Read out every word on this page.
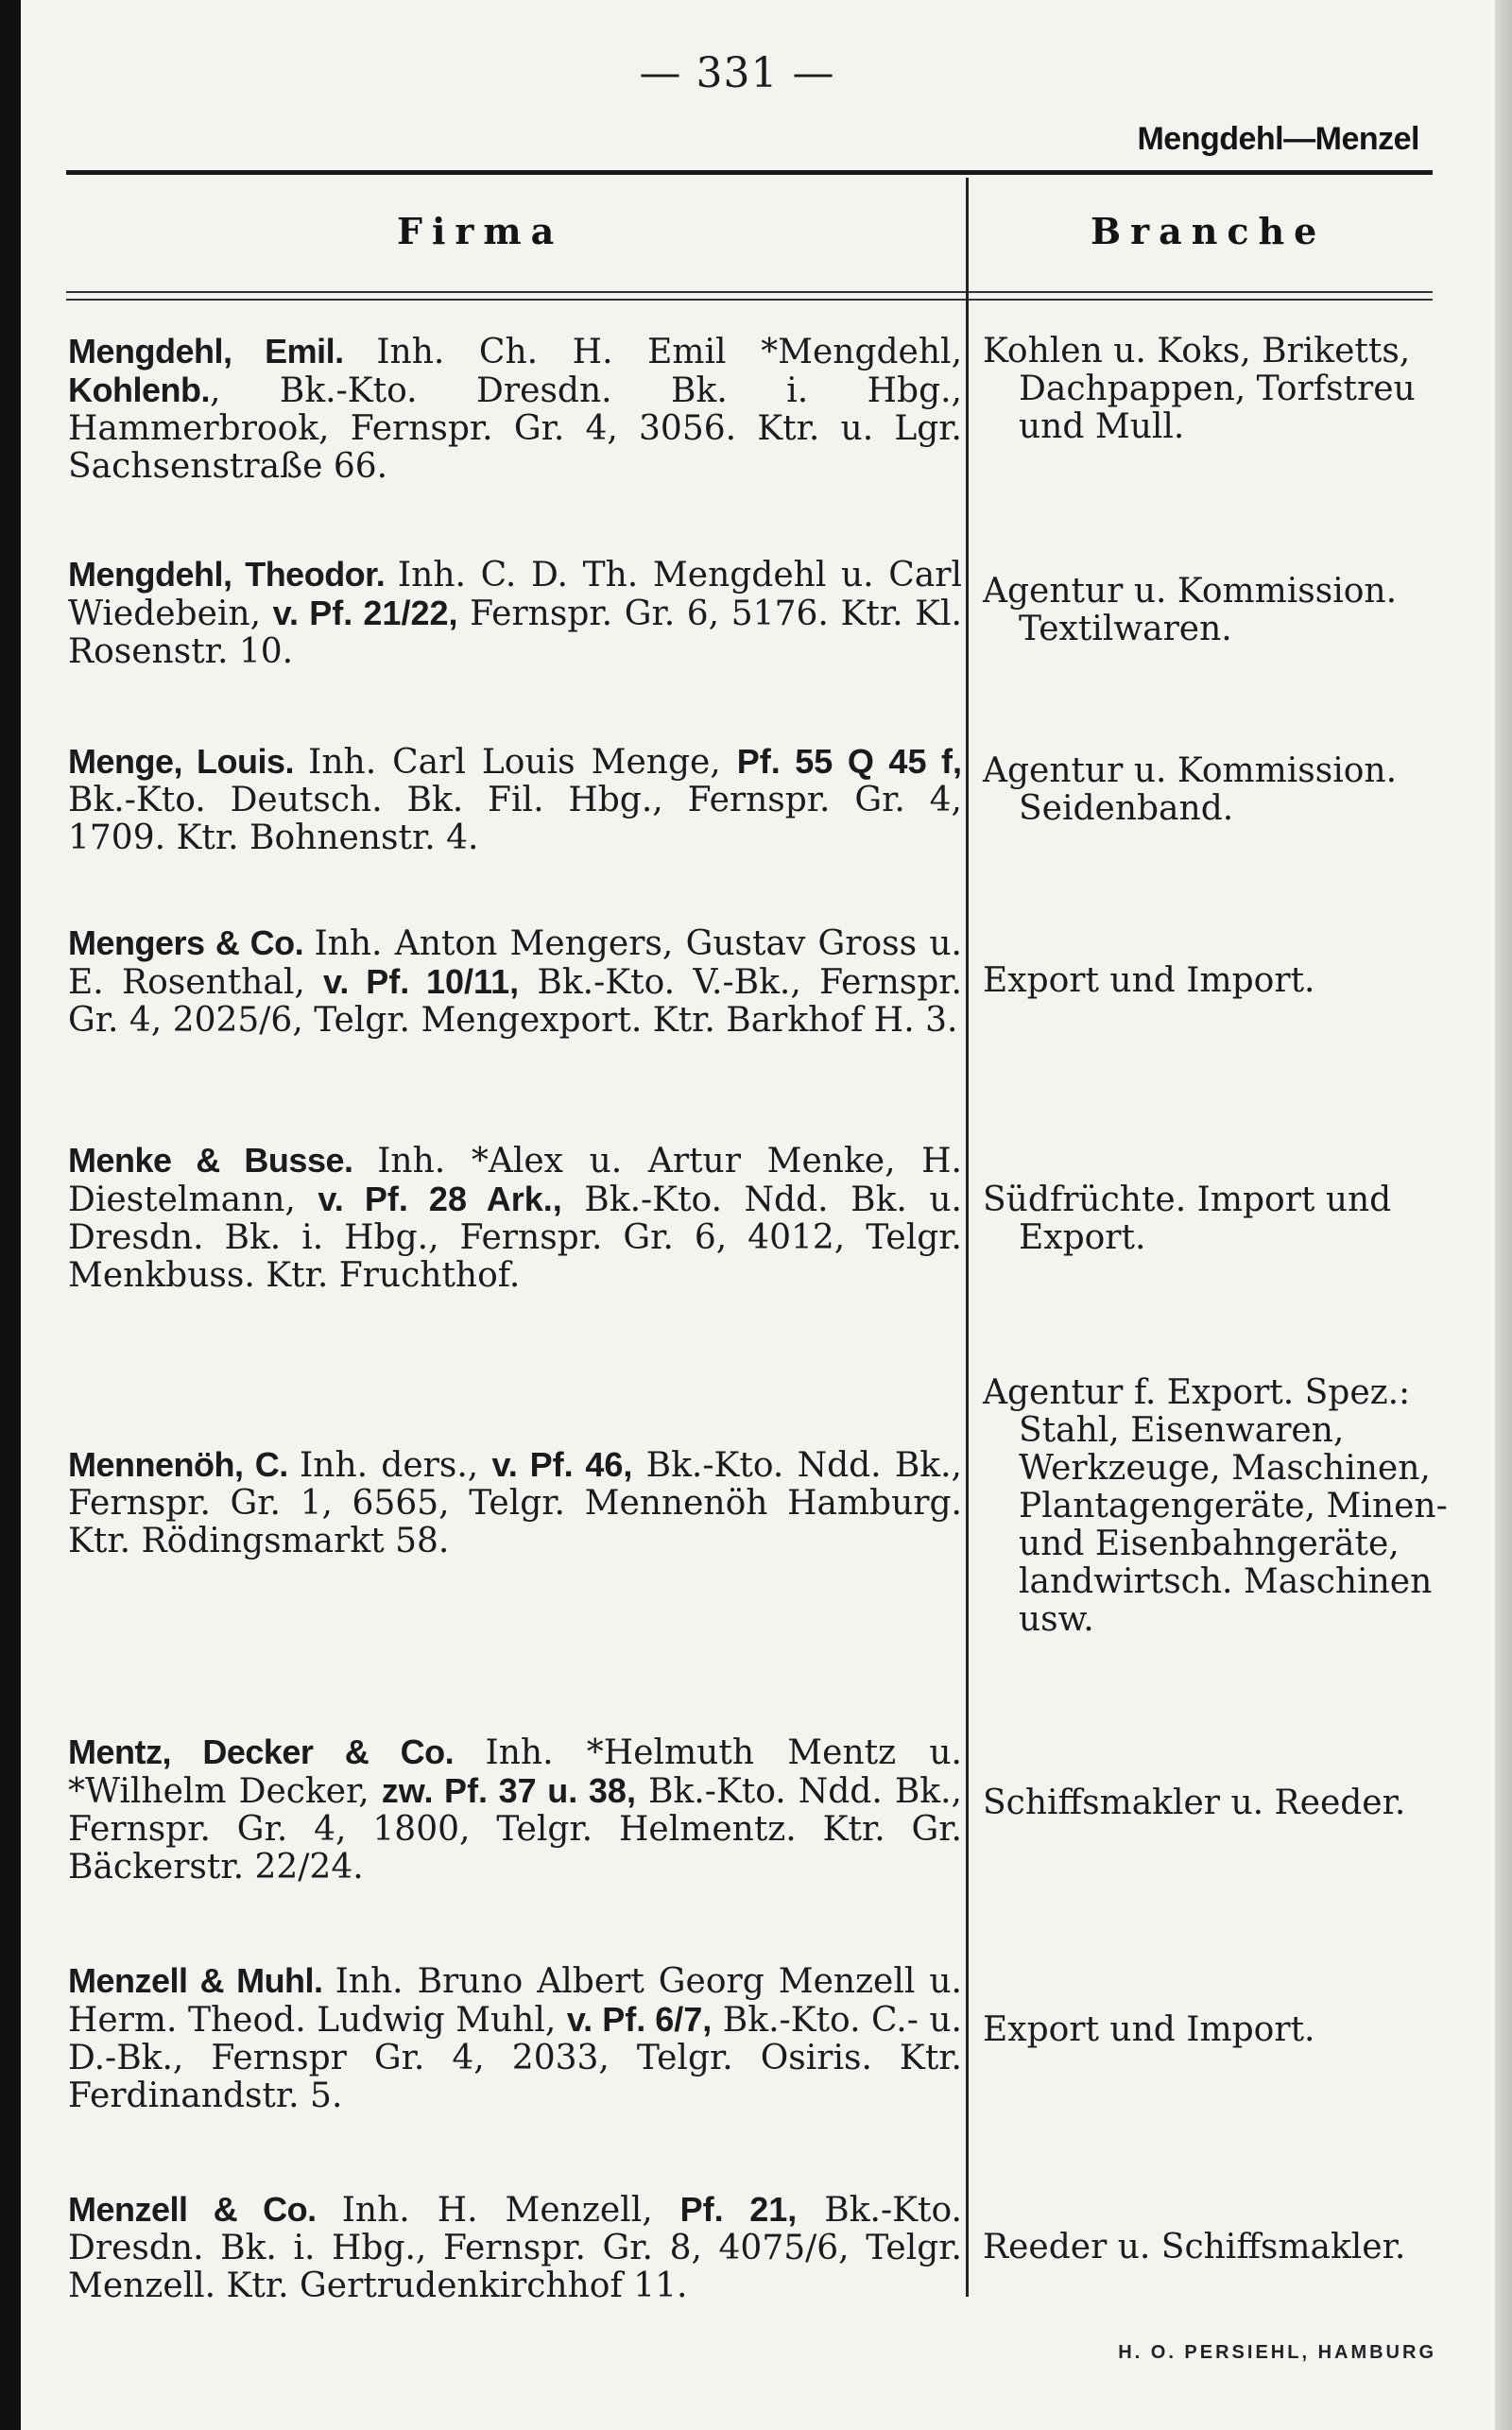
— 331 —
Mengdehl—Menzel
Firma	Branche
Mengdehl, Emil. Inh. Ch. H. Emil *Mengdehl, Kohlenb., Bk.-Kto. Dresdn. Bk. i. Hbg., Hammerbrook, Fernspr. Gr. 4, 3056. Ktr. u. Lgr. Sachsenstraße 66.
Kohlen u. Koks, Briketts,
Dachpappen, Torfstreu und Mull.
Mengdehl, Theodor. Inh. C. D. Th. Mengdehl u. Carl Wiedebein, v. Pf. 21/22, Fernspr. Gr. 6, 5176. Ktr. Kl. Rosenstr. 10.
Agentur u. Kommission.
Textilwaren.
Menge, Louis. Inh. Carl Louis Menge, Pf. 55 Q 45 f, Bk.-Kto. Deutsch. Bk. Fil. Hbg., Fernspr. Gr. 4, 1709. Ktr. Bohnenstr. 4.
Agentur u. Kommission.
Seidenband.
Mengers & Co. Inh. Anton Mengers, Gustav Gross u. E. Rosenthal, v. Pf. 10/11, Bk.-Kto. V.-Bk., Fernspr. Gr. 4, 2025/6, Telgr. Mengexport. Ktr. Barkhof H. 3.
Export und Import.
Menke & Busse. Inh. *Alex u. Artur Menke, H. Diestelmann, v. Pf. 28 Ark., Bk.-Kto. Ndd. Bk. u. Dresdn. Bk. i. Hbg., Fernspr. Gr. 6, 4012, Telgr. Menkbuss. Ktr. Fruchthof.
Südfrüchte. Import und
Export.
Mennenöh, C. Inh. ders., v. Pf. 46, Bk.-Kto. Ndd. Bk., Fernspr. Gr. 1, 6565, Telgr. Mennenöh Hamburg. Ktr. Rödingsmarkt 58.
Agentur f. Export. Spez.:
Stahl, Eisenwaren, Werkzeuge, Maschinen, Plantagengeräte, Minen- und Eisenbahngeräte, landwirtsch. Maschinen usw.
Mentz, Decker & Co. Inh. *Helmuth Mentz u. *Wilhelm Decker, zw. Pf. 37 u. 38, Bk.-Kto. Ndd. Bk., Fernspr. Gr. 4, 1800, Telgr. Helmentz. Ktr. Gr. Bäckerstr. 22/24.
Schiffsmakler u. Reeder.
Menzell & Muhl. Inh. Bruno Albert Georg Menzell u. Herm. Theod. Ludwig Muhl, v. Pf. 6/7, Bk.-Kto. C.- u. D.-Bk., Fernspr Gr. 4, 2033, Telgr. Osiris. Ktr. Ferdinandstr. 5.
Export und Import.
Menzell & Co. Inh. H. Menzell, Pf. 21, Bk.-Kto. Dresdn. Bk. i. Hbg., Fernspr. Gr. 8, 4075/6, Telgr. Menzell. Ktr. Gertrudenkirchhof 11.
Reeder u. Schiffsmakler.
H. O. PERSIEHL, HAMBURG
